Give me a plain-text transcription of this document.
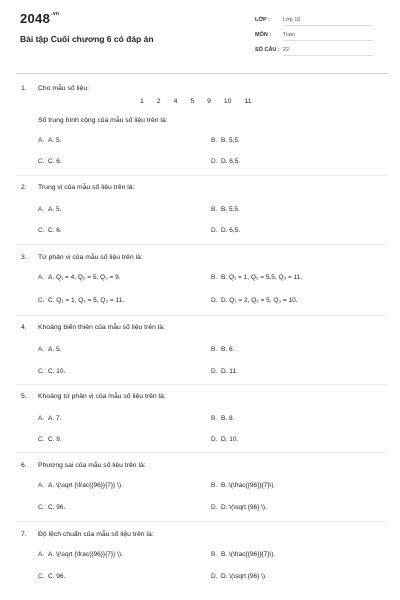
$2048^{.vn}$
Bài tập Cuối chương 6 có đáp án
LỚP :	Lớp 10
MÔN :	Toán
SỐ CÂU : 22
1. Cho mẫu số liệu:
1 2 4 5 9 10 11
Số trung bình cộng của mẫu số liệu trên là:
A. A. 5.	B. B. 5,5.
C. C. 6.	D. D. 6,5.
2. Trung vị của mẫu số liệu trên là:
A. A. 5.	B. B. 5,5.
C. C. 6.	D. D. 6,5.
3. Tứ phân vị của mẫu số liệu trên là:
A. A. Q₁ = 4, Q₂ = 5, Q₃ = 9.	B. B. Q₁ = 1, Q₂ = 5,5, Q₃ = 11.
C. C. Q₁ = 1, Q₂ = 5, Q₃ = 11.	D. D. Q₁ = 2, Q₂ = 5, Q₃ = 10.
4. Khoảng biến thiên của mẫu số liệu trên là:
A. A. 5.	B. B. 6.
C. C. 10.	D. D. 11.
5. Khoảng tứ phân vị của mẫu số liệu trên là:
A. A. 7.	B. B. 8.
C. C. 9.	D. D. 10.
6. Phương sai của mẫu số liệu trên là:
A. A. \(\sqrt {\frac{{96}}{7}} \).	B. B. \(\frac{{96}}{7}\).
C. C. 96.	D. D. \(\sqrt {96} \).
7. Độ lệch chuẩn của mẫu số liệu trên là:
A. A. \(\sqrt {\frac{{96}}{7}} \).	B. B. \(\frac{{96}}{7}\).
C. C. 96.	D. D. \(\sqrt {96} \).
